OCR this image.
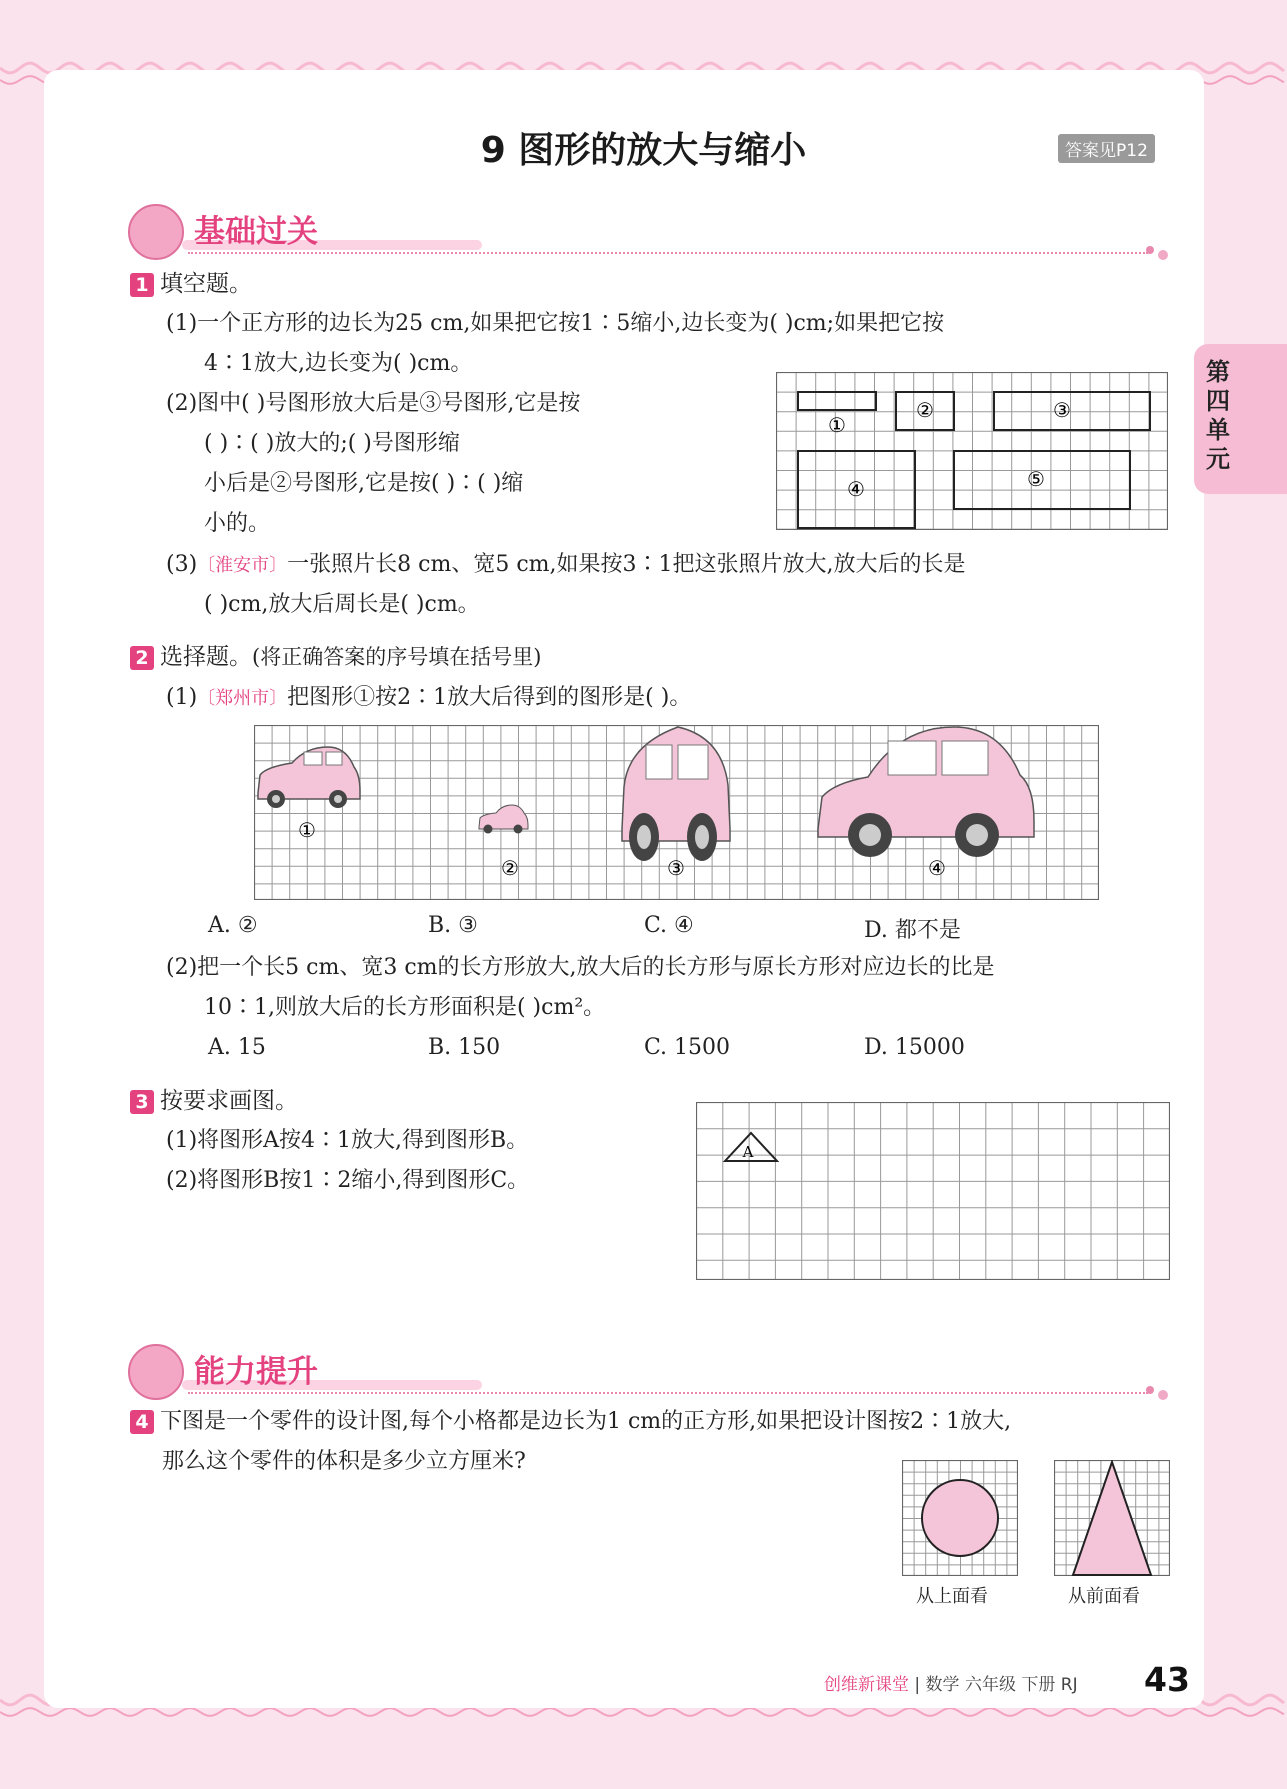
9 图形的放大与缩小	答案见P12
第四单元
基础过关
1 填空题。
(1)一个正方形的边长为25 cm,如果把它按1∶5缩小,边长变为( )cm;如果把它按
4∶1放大,边长变为( )cm。
(2)图中( )号图形放大后是③号图形,它是按
( )∶( )放大的;( )号图形缩
小后是②号图形,它是按( )∶( )缩
小的。
(3)〔淮安市〕一张照片长8 cm、宽5 cm,如果按3∶1把这张照片放大,放大后的长是
( )cm,放大后周长是( )cm。
①
②	③
④	⑤
2 选择题。(将正确答案的序号填在括号里)
(1)〔郑州市〕把图形①按2∶1放大后得到的图形是( )。
①
②	③	④
A. ②	B. ③	C. ④	D. 都不是
(2)把一个长5 cm、宽3 cm的长方形放大,放大后的长方形与原长方形对应边长的比是
10∶1,则放大后的长方形面积是( )cm²。
A. 15	B. 150	C. 1500	D. 15000
3 按要求画图。
(1)将图形A按4∶1放大,得到图形B。
(2)将图形B按1∶2缩小,得到图形C。
A
能力提升
4 下图是一个零件的设计图,每个小格都是边长为1 cm的正方形,如果把设计图按2∶1放大,
那么这个零件的体积是多少立方厘米?
从上面看	从前面看
创维新课堂 | 数学 六年级 下册 RJ 43
